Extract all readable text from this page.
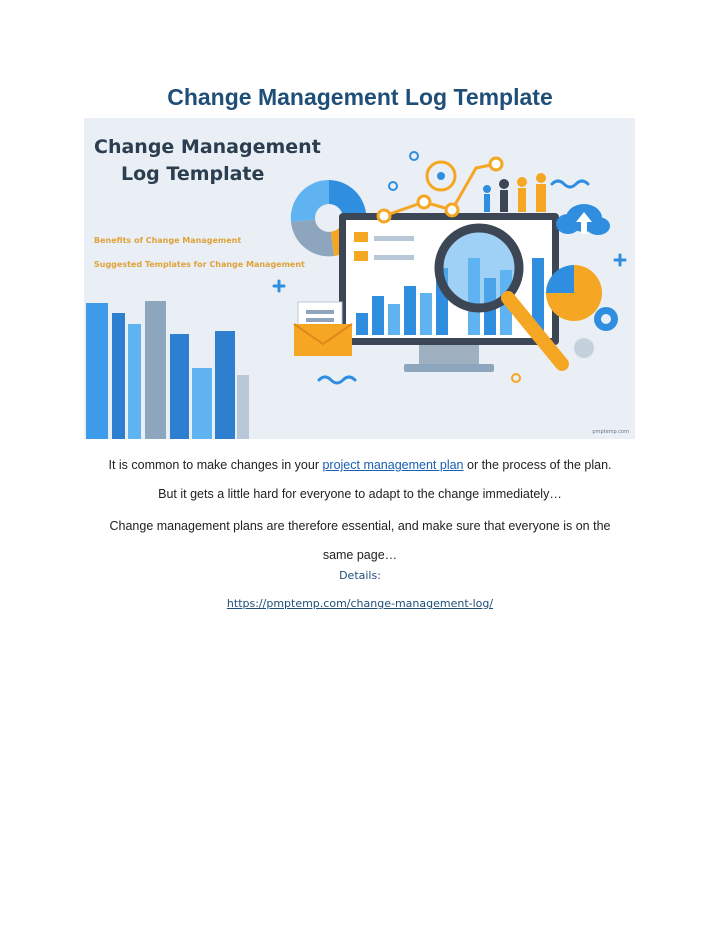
Change Management Log Template
Change Management
Log Template
Benefits of Change Management
Suggested Templates for Change Management
pmptemp.com

It is common to make changes in your project management plan or the process of the plan.

But it gets a little hard for everyone to adapt to the change immediately…

Change management plans are therefore essential, and make sure that everyone is on the

same page…

Details:
https://pmptemp.com/change-management-log/
